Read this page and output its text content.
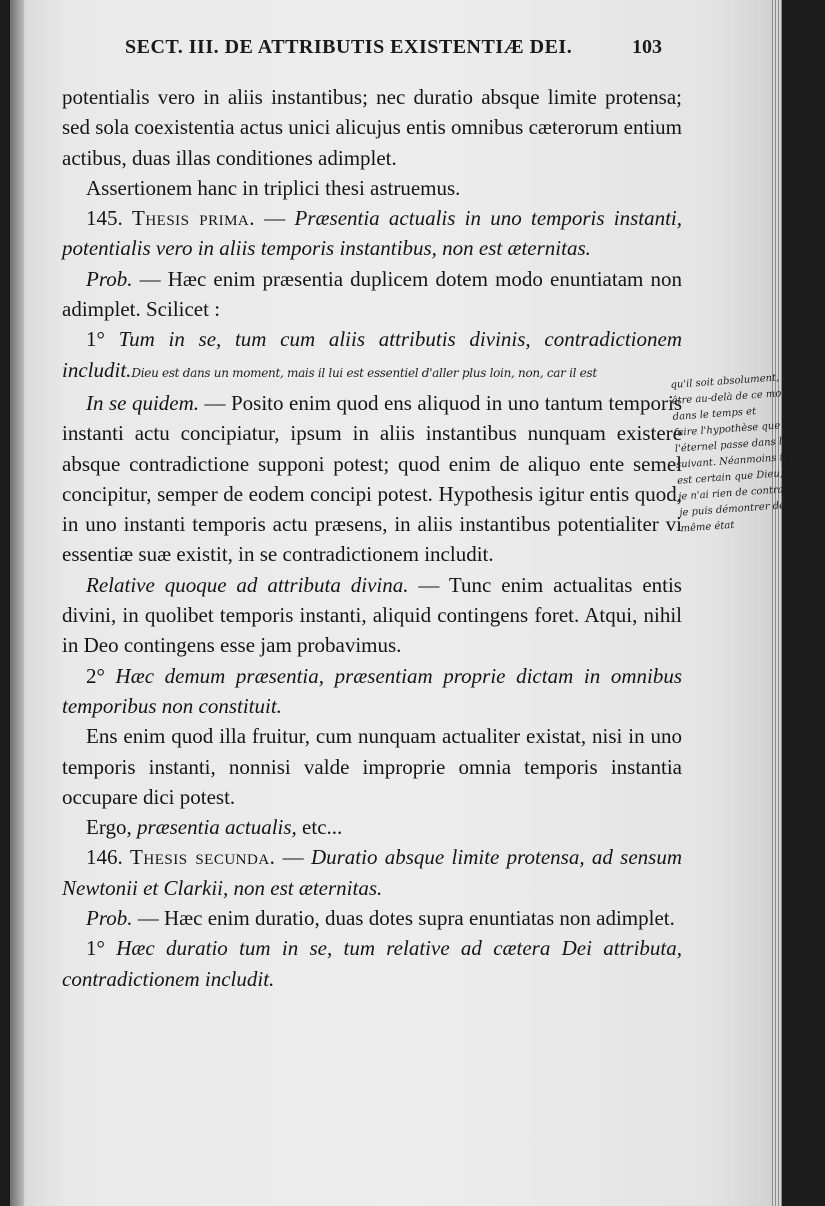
SECT. III. DE ATTRIBUTIS EXISTENTIÆ DEI.	103

potentialis vero in aliis instantibus; nec duratio absque limite protensa; sed sola coexistentia actus unici alicujus entis omnibus cæterorum entium actibus, duas illas conditiones adimplet.

Assertionem hanc in triplici thesi astruemus.

145. Thesis prima. — Præsentia actualis in uno temporis instanti, potentialis vero in aliis temporis instantibus, non est æternitas.

Prob. — Hæc enim præsentia duplicem dotem modo enuntiatam non adimplet. Scilicet :

1° Tum in se, tum cum aliis attributis divinis, contradictionem includit.Dieu est dans un moment, mais il lui est essentiel d'aller plus loin, non, car il est

In se quidem. — Posito enim quod ens aliquod in uno tantum temporis instanti actu concipiatur, ipsum in aliis instantibus nunquam existere absque contradictione supponi potest; quod enim de aliquo ente semel concipitur, semper de eodem concipi potest. Hypothesis igitur entis quod, in uno instanti temporis actu præsens, in aliis instantibus potentialiter vi essentiæ suæ existit, in se contradictionem includit.

Relative quoque ad attributa divina. — Tunc enim actualitas entis divini, in quolibet temporis instanti, aliquid contingens foret. Atqui, nihil in Deo contingens esse jam probavimus.

2° Hæc demum præsentia, præsentiam proprie dictam in omnibus temporibus non constituit.

Ens enim quod illa fruitur, cum nunquam actualiter existat, nisi in uno temporis instanti, nonnisi valde improprie omnia temporis instantia occupare dici potest.

Ergo, præsentia actualis, etc...

146. Thesis secunda. — Duratio absque limite protensa, ad sensum Newtonii et Clarkii, non est æternitas.

Prob. — Hæc enim duratio, duas dotes supra enuntiatas non adimplet.

1° Hæc duratio tum in se, tum relative ad cætera Dei attributa, contradictionem includit.

qu'il soit absolument, il peut
être au-delà de ce moment
dans le temps et
faire l'hypothèse que
l'éternel passe dans le
suivant. Néanmoins il
est certain que Dieu,
je n'ai rien de contraire
je puis démontrer de
même état
